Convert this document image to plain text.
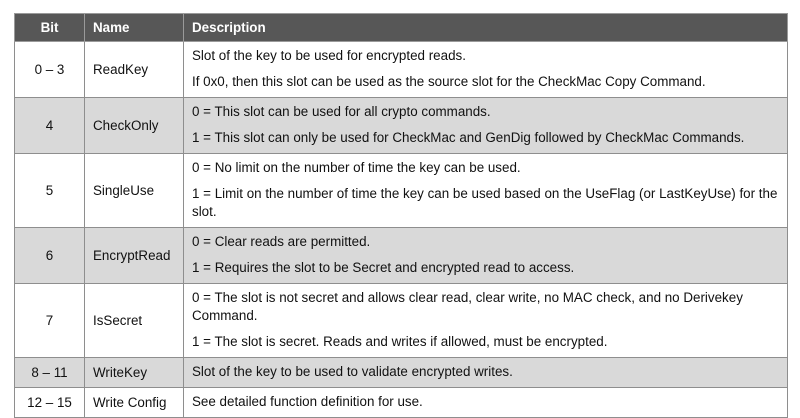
Bit	Name	Description
0 – 3	ReadKey	Slot of the key to be used for encrypted reads.

If 0x0, then this slot can be used as the source slot for the CheckMac Copy Command.

4	CheckOnly	0 = This slot can be used for all crypto commands.

1 = This slot can only be used for CheckMac and GenDig followed by CheckMac Commands.

5	SingleUse	0 = No limit on the number of time the key can be used.

1 = Limit on the number of time the key can be used based on the UseFlag (or LastKeyUse) for the slot.

6	EncryptRead	0 = Clear reads are permitted.

1 = Requires the slot to be Secret and encrypted read to access.

7	IsSecret	0 = The slot is not secret and allows clear read, clear write, no MAC check, and no Derivekey Command.

1 = The slot is secret. Reads and writes if allowed, must be encrypted.

8 – 11	WriteKey	Slot of the key to be used to validate encrypted writes.

12 – 15	Write Config	See detailed function definition for use.
